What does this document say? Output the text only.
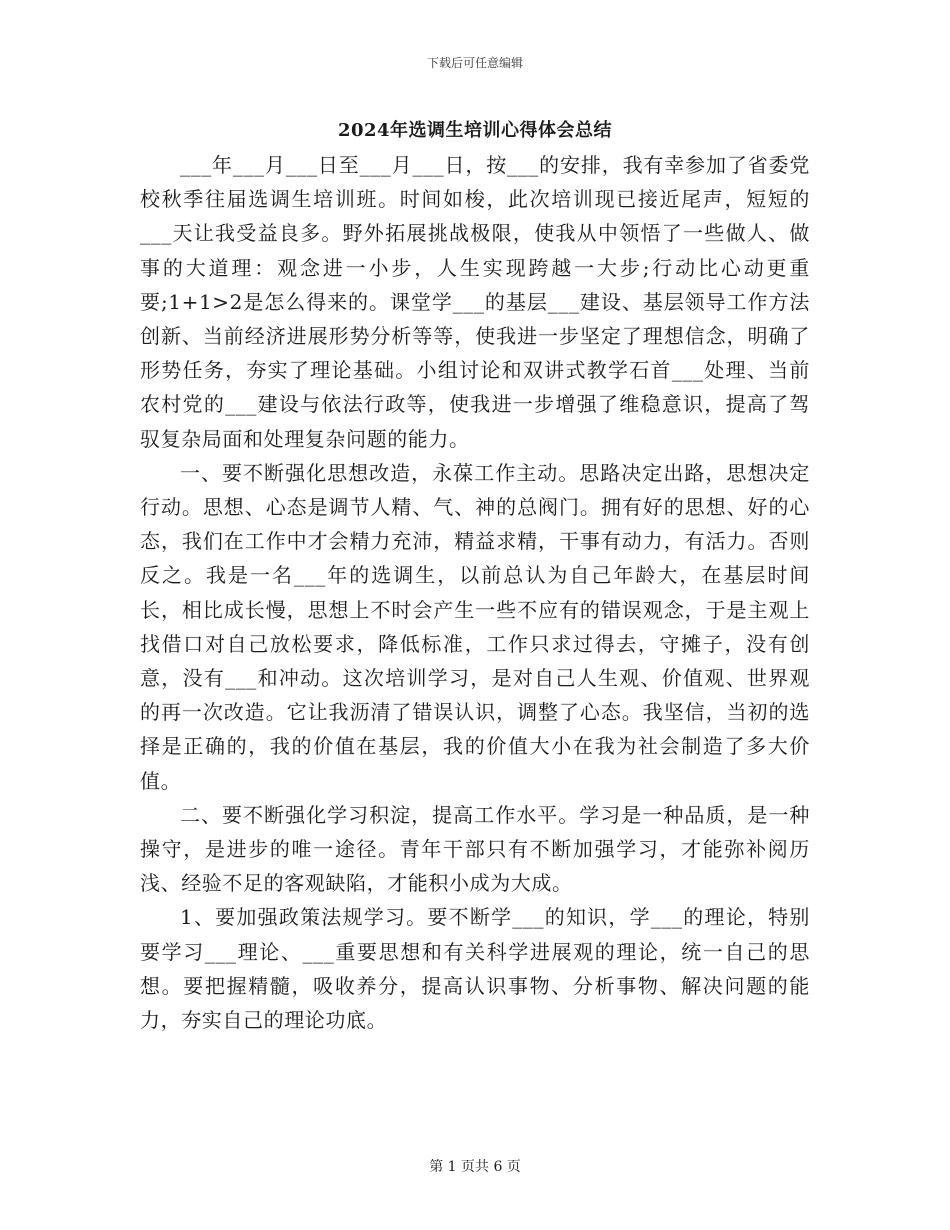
下载后可任意编辑
2024年选调生培训心得体会总结

___年___月___日至___月___日，按___的安排，我有幸参加了省委党校秋季往届选调生培训班。时间如梭，此次培训现已接近尾声，短短的___天让我受益良多。野外拓展挑战极限，使我从中领悟了一些做人、做事的大道理：观念进一小步，人生实现跨越一大步;行动比心动更重要;1+1>2是怎么得来的。课堂学___的基层___建设、基层领导工作方法创新、当前经济进展形势分析等等，使我进一步坚定了理想信念，明确了形势任务，夯实了理论基础。小组讨论和双讲式教学石首___处理、当前农村党的___建设与依法行政等，使我进一步增强了维稳意识，提高了驾驭复杂局面和处理复杂问题的能力。

一、要不断强化思想改造，永葆工作主动。思路决定出路，思想决定行动。思想、心态是调节人精、气、神的总阀门。拥有好的思想、好的心态，我们在工作中才会精力充沛，精益求精，干事有动力，有活力。否则反之。我是一名___年的选调生，以前总认为自己年龄大，在基层时间长，相比成长慢，思想上不时会产生一些不应有的错误观念，于是主观上找借口对自己放松要求，降低标准，工作只求过得去，守摊子，没有创意，没有___和冲动。这次培训学习，是对自己人生观、价值观、世界观的再一次改造。它让我沥清了错误认识，调整了心态。我坚信，当初的选择是正确的，我的价值在基层，我的价值大小在我为社会制造了多大价值。

二、要不断强化学习积淀，提高工作水平。学习是一种品质，是一种操守，是进步的唯一途径。青年干部只有不断加强学习，才能弥补阅历浅、经验不足的客观缺陷，才能积小成为大成。

1、要加强政策法规学习。要不断学___的知识，学___的理论，特别要学习___理论、___重要思想和有关科学进展观的理论，统一自己的思想。要把握精髓，吸收养分，提高认识事物、分析事物、解决问题的能力，夯实自己的理论功底。

第 1 页共 6 页
